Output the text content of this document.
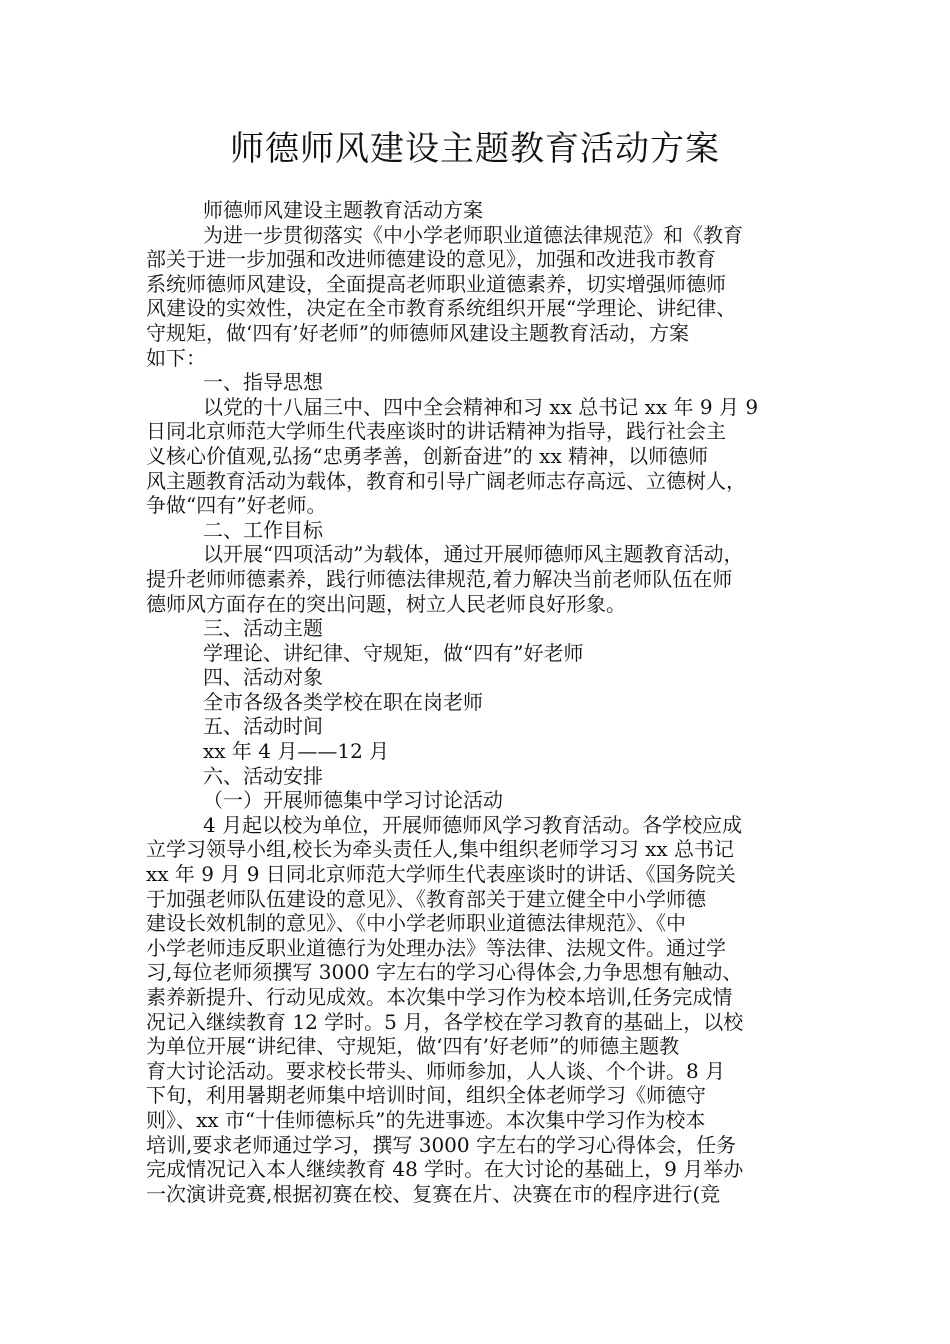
师德师风建设主题教育活动方案
师德师风建设主题教育活动方案
为进一步贯彻落实《中小学老师职业道德法律规范》和《教育
部关于进一步加强和改进师德建设的意见》，加强和改进我市教育
系统师德师风建设，全面提高老师职业道德素养，切实增强师德师
风建设的实效性，决定在全市教育系统组织开展“学理论、讲纪律、
守规矩，做‘四有’好老师”的师德师风建设主题教育活动，方案
如下：
一、指导思想
以党的十八届三中、四中全会精神和习 xx 总书记 xx 年 9 月 9
日同北京师范大学师生代表座谈时的讲话精神为指导，践行社会主
义核心价值观,弘扬“忠勇孝善，创新奋进”的 xx 精神，以师德师
风主题教育活动为载体，教育和引导广阔老师志存高远、立德树人，
争做“四有”好老师。
二、工作目标
以开展“四项活动”为载体，通过开展师德师风主题教育活动，
提升老师师德素养，践行师德法律规范,着力解决当前老师队伍在师
德师风方面存在的突出问题，树立人民老师良好形象。
三、活动主题
学理论、讲纪律、守规矩，做“四有”好老师
四、活动对象
全市各级各类学校在职在岗老师
五、活动时间
xx 年 4 月——12 月
六、活动安排
（一）开展师德集中学习讨论活动
4 月起以校为单位，开展师德师风学习教育活动。各学校应成
立学习领导小组,校长为牵头责任人,集中组织老师学习习 xx 总书记
xx 年 9 月 9 日同北京师范大学师生代表座谈时的讲话、《国务院关
于加强老师队伍建设的意见》、《教育部关于建立健全中小学师德
建设长效机制的意见》、《中小学老师职业道德法律规范》、《中
小学老师违反职业道德行为处理办法》等法律、法规文件。通过学
习,每位老师须撰写 3000 字左右的学习心得体会,力争思想有触动、
素养新提升、行动见成效。本次集中学习作为校本培训,任务完成情
况记入继续教育 12 学时。5 月，各学校在学习教育的基础上，以校
为单位开展“讲纪律、守规矩，做‘四有’好老师”的师德主题教
育大讨论活动。要求校长带头、师师参加，人人谈、个个讲。8 月
下旬，利用暑期老师集中培训时间，组织全体老师学习《师德守
则》、xx 市“十佳师德标兵”的先进事迹。本次集中学习作为校本
培训,要求老师通过学习，撰写 3000 字左右的学习心得体会，任务
完成情况记入本人继续教育 48 学时。在大讨论的基础上，9 月举办
一次演讲竞赛,根据初赛在校、复赛在片、决赛在市的程序进行(竞
